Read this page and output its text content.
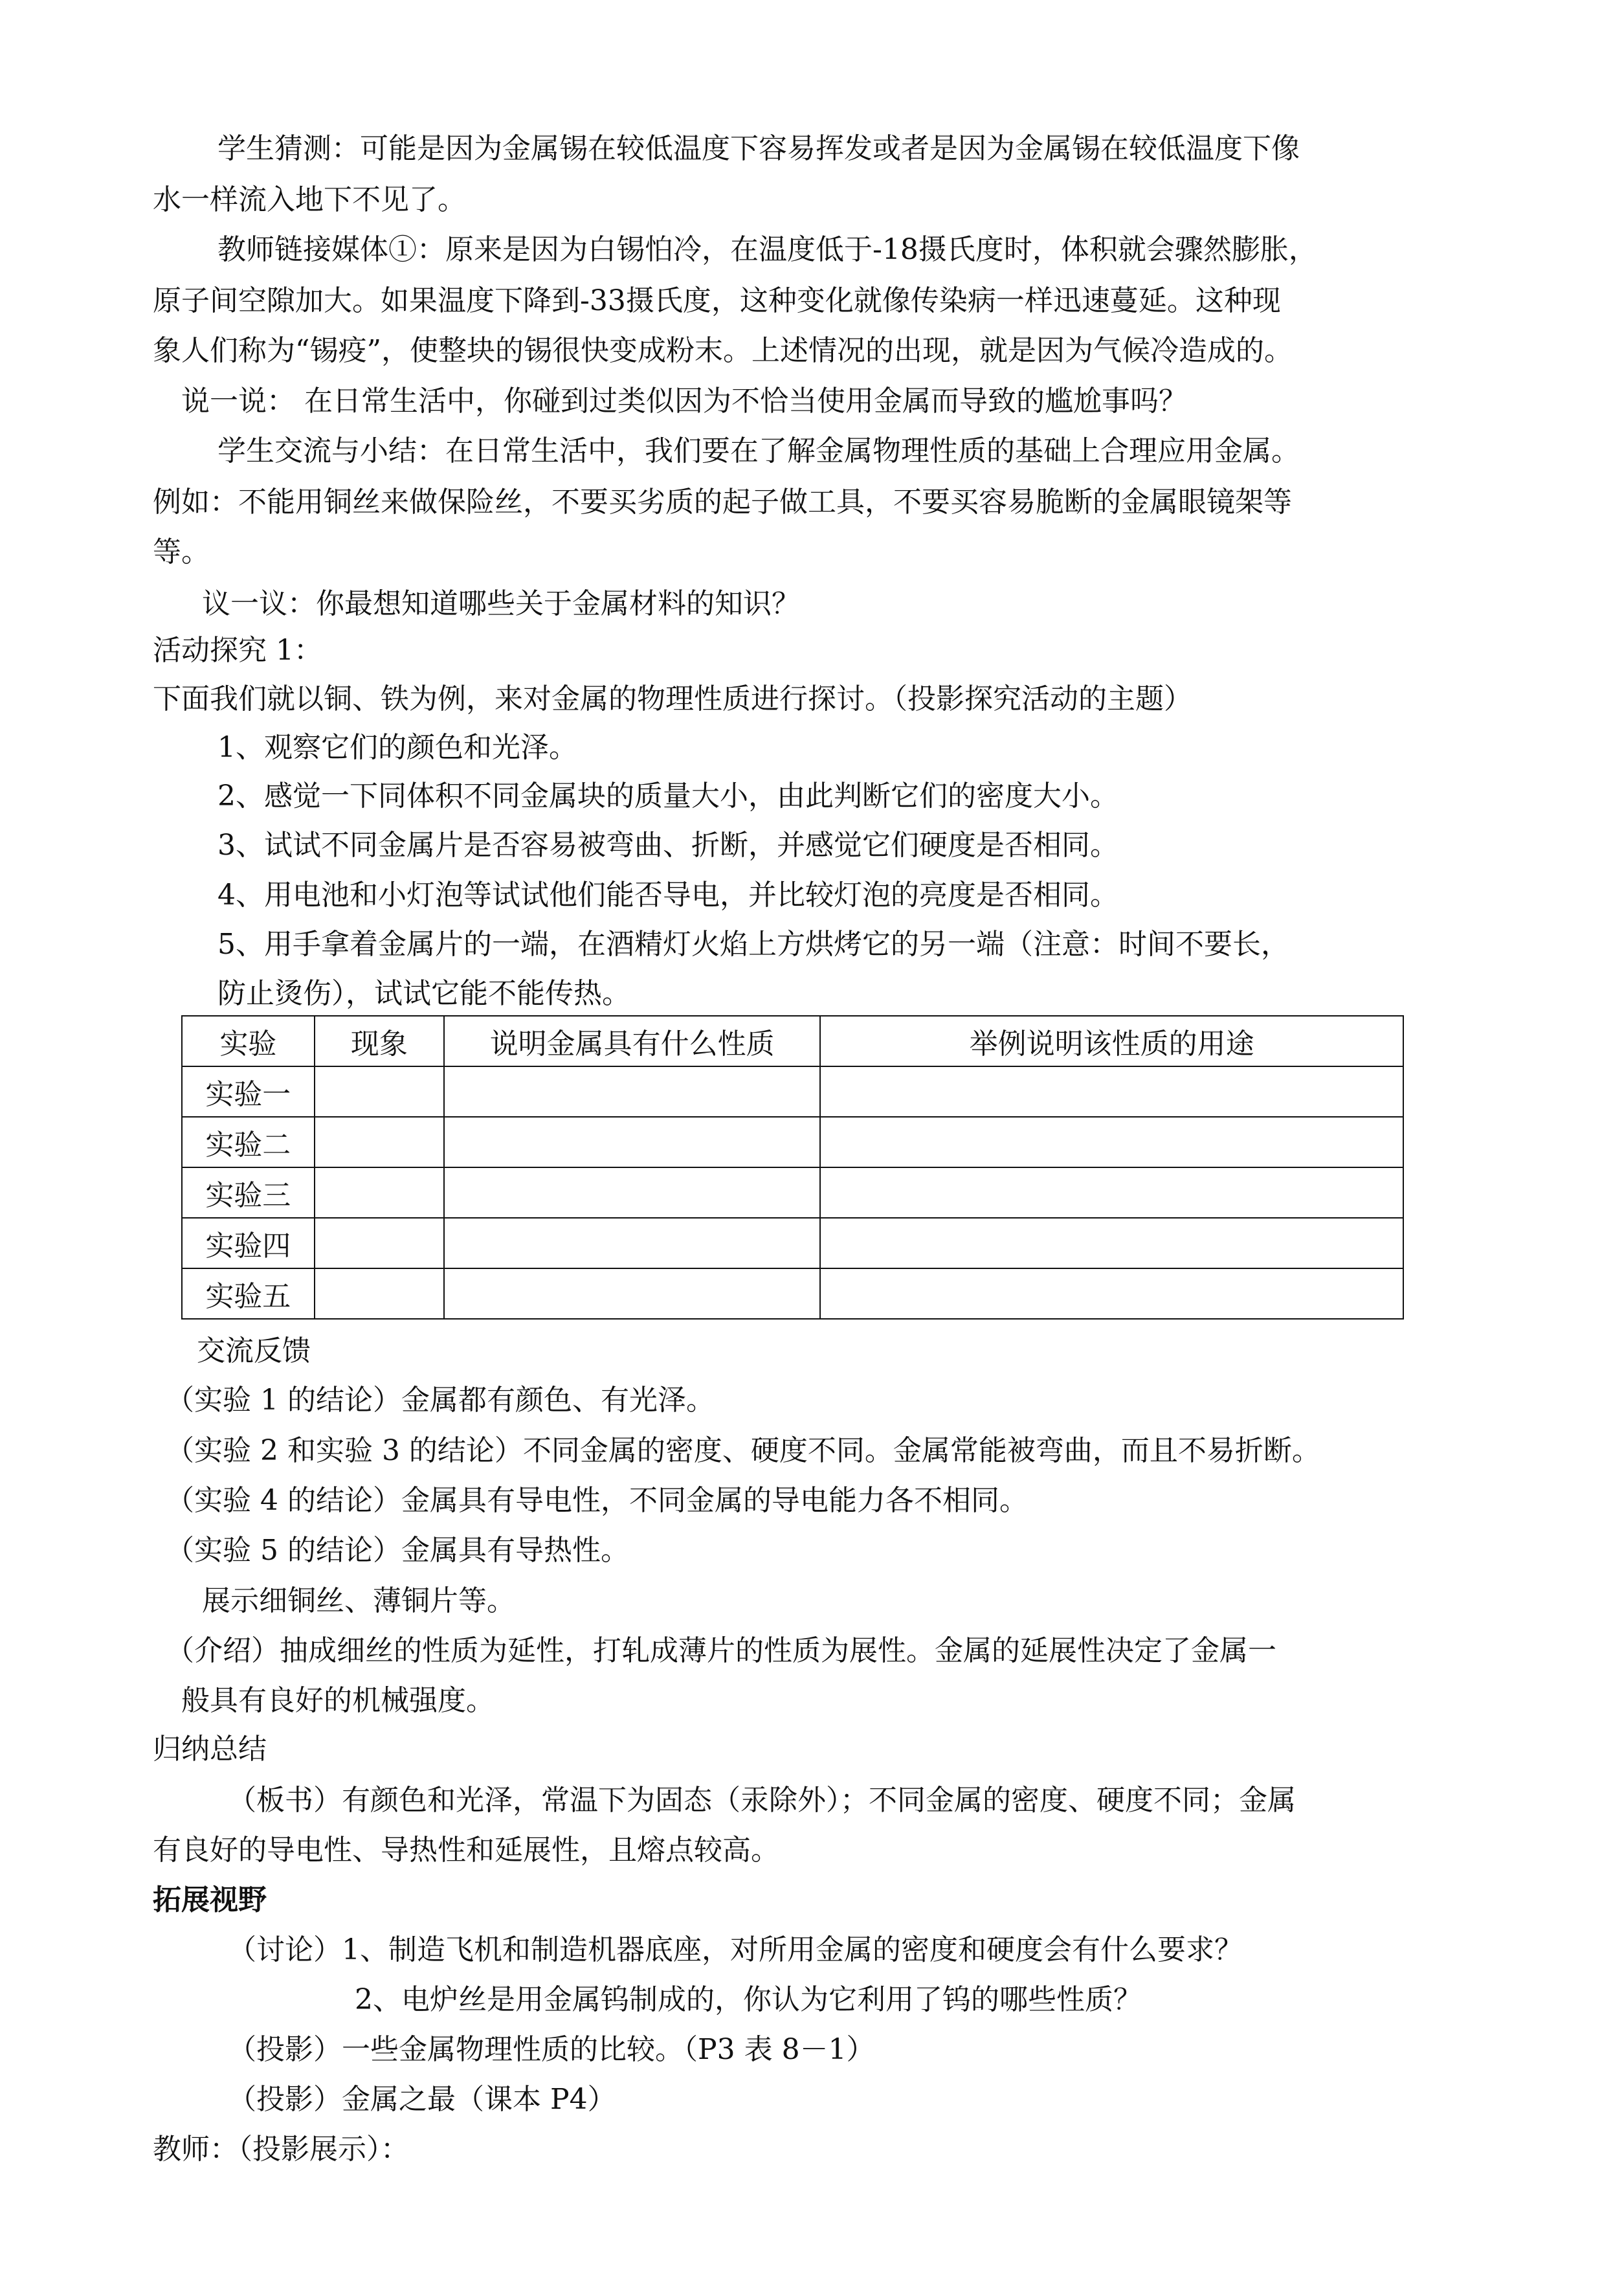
学生猜测：可能是因为金属锡在较低温度下容易挥发或者是因为金属锡在较低温度下像
水一样流入地下不见了。
教师链接媒体①：原来是因为白锡怕冷，在温度低于-18摄氏度时，体积就会骤然膨胀，
原子间空隙加大。如果温度下降到-33摄氏度，这种变化就像传染病一样迅速蔓延。这种现
象人们称为“锡疫”，使整块的锡很快变成粉末。上述情况的出现，就是因为气候冷造成的。
说一说： 在日常生活中，你碰到过类似因为不恰当使用金属而导致的尴尬事吗？
学生交流与小结：在日常生活中，我们要在了解金属物理性质的基础上合理应用金属。
例如：不能用铜丝来做保险丝，不要买劣质的起子做工具，不要买容易脆断的金属眼镜架等
等。
议一议：你最想知道哪些关于金属材料的知识？
活动探究 1：
下面我们就以铜、铁为例，来对金属的物理性质进行探讨。（投影探究活动的主题）
1、观察它们的颜色和光泽。
2、感觉一下同体积不同金属块的质量大小，由此判断它们的密度大小。
3、试试不同金属片是否容易被弯曲、折断，并感觉它们硬度是否相同。
4、用电池和小灯泡等试试他们能否导电，并比较灯泡的亮度是否相同。
5、用手拿着金属片的一端，在酒精灯火焰上方烘烤它的另一端（注意：时间不要长，
防止烫伤），试试它能不能传热。
实验	现象	说明金属具有什么性质	举例说明该性质的用途
实验一			
实验二			
实验三			
实验四			
实验五			
交流反馈
（实验 1 的结论）金属都有颜色、有光泽。
（实验 2 和实验 3 的结论）不同金属的密度、硬度不同。金属常能被弯曲，而且不易折断。
（实验 4 的结论）金属具有导电性，不同金属的导电能力各不相同。
（实验 5 的结论）金属具有导热性。
展示细铜丝、薄铜片等。
（介绍）抽成细丝的性质为延性，打轧成薄片的性质为展性。金属的延展性决定了金属一
般具有良好的机械强度。
归纳总结
（板书）有颜色和光泽，常温下为固态（汞除外）；不同金属的密度、硬度不同；金属
有良好的导电性、导热性和延展性，且熔点较高。
拓展视野
（讨论）1、制造飞机和制造机器底座，对所用金属的密度和硬度会有什么要求？
2、电炉丝是用金属钨制成的，你认为它利用了钨的哪些性质？
（投影）一些金属物理性质的比较。（P3 表 8－1）
（投影）金属之最（课本 P4）
教师：（投影展示）：
